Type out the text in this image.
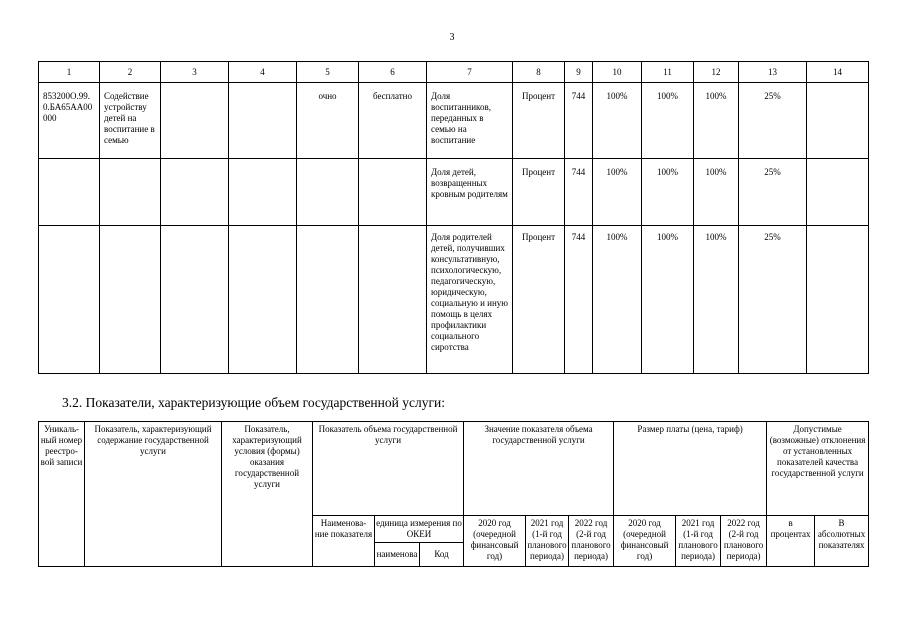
3
1	2	3	4	5	6	7	8	9	10	11	12	13	14
853200О.99.0.БА65АА00000	Содействие устройству детей на воспитание в семью			очно	бесплатно	Доля воспитанников, переданных в семью на воспитание	Процент	744	100%	100%	100%	25%	
						Доля детей, возвращенных кровным родителям	Процент	744	100%	100%	100%	25%	
						Доля родителей детей, получивших консультативную, психологическую, педагогическую, юридическую, социальную и иную помощь в целях профилактики социального сиротства	Процент	744	100%	100%	100%	25%	
3.2. Показатели, характеризующие объем государственной услуги:
Уникаль-ный номер реестро-вой записи	Показатель, характеризующий содержание государственной услуги	Показатель, характеризующий условия (формы) оказания государственной услуги	Показатель объема государственной услуги			Значение показателя объема государственной услуги			Размер платы (цена, тариф)			Допустимые (возможные) отклонения от установленных показателей качества государственной услуги	
			Наименова-ние показателя	единица измерения по ОКЕИ		2020 год (очередной финансовый год)	2021 год (1-й год планового периода)	2022 год (2-й год планового периода)	2020 год (очередной финансовый год)	2021 год (1-й год планового периода)	2022 год (2-й год планового периода)	в процентах	В абсолютных показателях
				наименова	Код								
